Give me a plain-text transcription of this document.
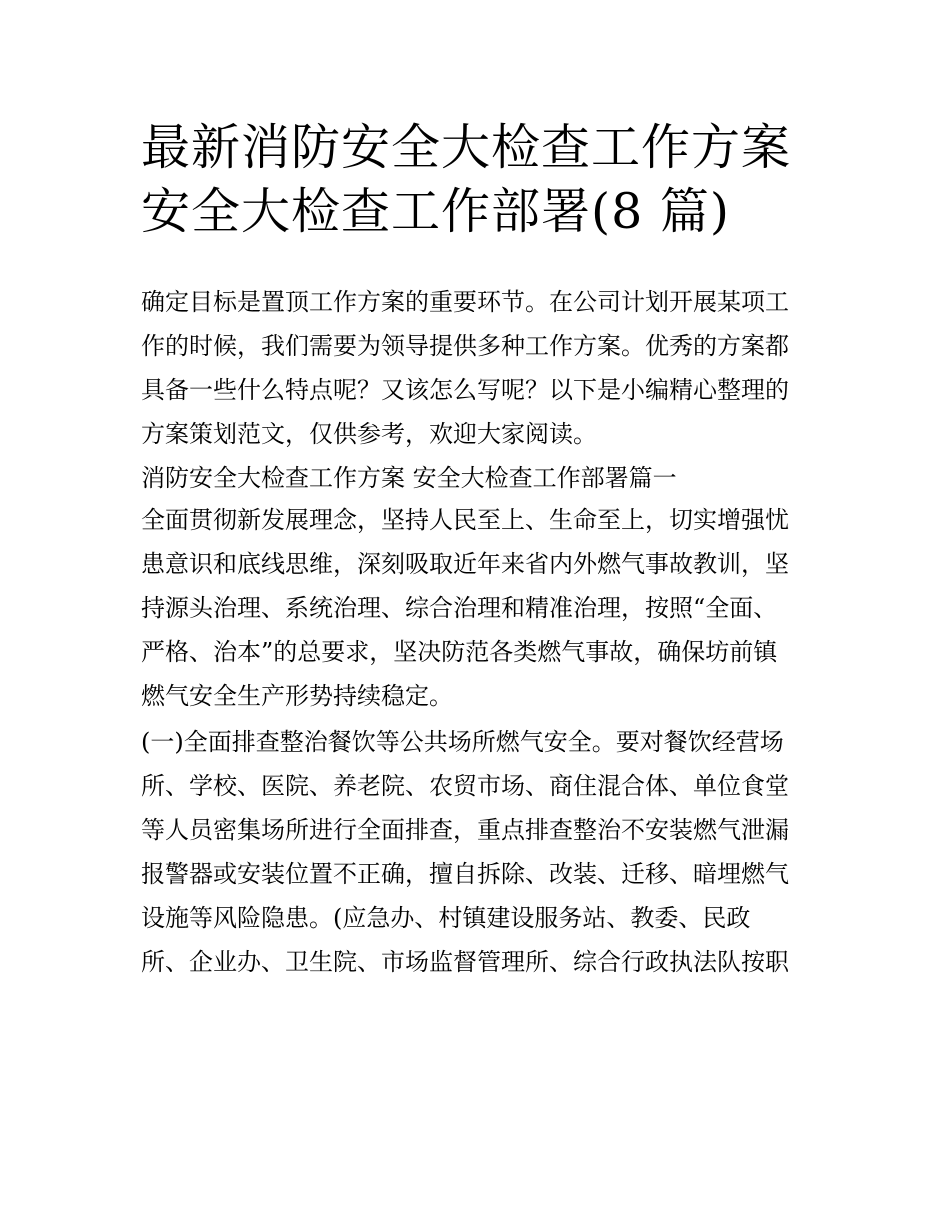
最新消防安全大检查工作方案
安全大检查工作部署(8 篇)

确定目标是置顶工作方案的重要环节。在公司计划开展某项工
作的时候，我们需要为领导提供多种工作方案。优秀的方案都
具备一些什么特点呢？又该怎么写呢？以下是小编精心整理的
方案策划范文，仅供参考，欢迎大家阅读。

消防安全大检查工作方案 安全大检查工作部署篇一

全面贯彻新发展理念，坚持人民至上、生命至上，切实增强忧
患意识和底线思维，深刻吸取近年来省内外燃气事故教训，坚
持源头治理、系统治理、综合治理和精准治理，按照“全面、
严格、治本”的总要求，坚决防范各类燃气事故，确保坊前镇
燃气安全生产形势持续稳定。

(一)全面排查整治餐饮等公共场所燃气安全。要对餐饮经营场
所、学校、医院、养老院、农贸市场、商住混合体、单位食堂
等人员密集场所进行全面排查，重点排查整治不安装燃气泄漏
报警器或安装位置不正确，擅自拆除、改装、迁移、暗埋燃气
设施等风险隐患。(应急办、村镇建设服务站、教委、民政
所、企业办、卫生院、市场监督管理所、综合行政执法队按职
